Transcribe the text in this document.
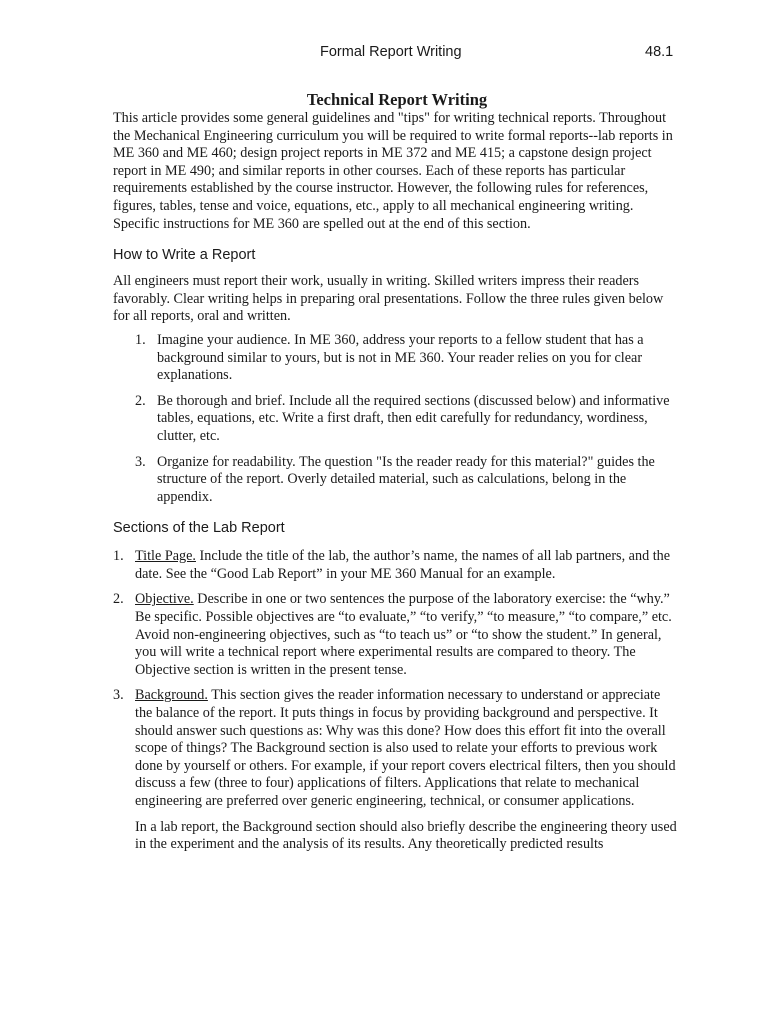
Formal Report Writing	48.1
Technical Report Writing

This article provides some general guidelines and "tips" for writing technical reports. Throughout the Mechanical Engineering curriculum you will be required to write formal reports--lab reports in ME 360 and ME 460; design project reports in ME 372 and ME 415; a capstone design project report in ME 490; and similar reports in other courses. Each of these reports has particular requirements established by the course instructor. However, the following rules for references, figures, tables, tense and voice, equations, etc., apply to all mechanical engineering writing. Specific instructions for ME 360 are spelled out at the end of this section.

How to Write a Report

All engineers must report their work, usually in writing. Skilled writers impress their readers favorably. Clear writing helps in preparing oral presentations. Follow the three rules given below for all reports, oral and written.

1. Imagine your audience. In ME 360, address your reports to a fellow student that has a background similar to yours, but is not in ME 360. Your reader relies on you for clear explanations.
2. Be thorough and brief. Include all the required sections (discussed below) and informative tables, equations, etc. Write a first draft, then edit carefully for redundancy, wordiness, clutter, etc.
3. Organize for readability. The question "Is the reader ready for this material?" guides the structure of the report. Overly detailed material, such as calculations, belong in the appendix.
Sections of the Lab Report
1. Title Page. Include the title of the lab, the author’s name, the names of all lab partners, and the date. See the “Good Lab Report” in your ME 360 Manual for an example.
2. Objective. Describe in one or two sentences the purpose of the laboratory exercise: the “why.” Be specific. Possible objectives are “to evaluate,” “to verify,” “to measure,” “to compare,” etc. Avoid non-engineering objectives, such as “to teach us” or “to show the student.” In general, you will write a technical report where experimental results are compared to theory. The Objective section is written in the present tense.
3. Background. This section gives the reader information necessary to understand or appreciate the balance of the report. It puts things in focus by providing background and perspective. It should answer such questions as: Why was this done? How does this effort fit into the overall scope of things? The Background section is also used to relate your efforts to previous work done by yourself or others. For example, if your report covers electrical filters, then you should discuss a few (three to four) applications of filters. Applications that relate to mechanical engineering are preferred over generic engineering, technical, or consumer applications.

In a lab report, the Background section should also briefly describe the engineering theory used in the experiment and the analysis of its results. Any theoretically predicted results
